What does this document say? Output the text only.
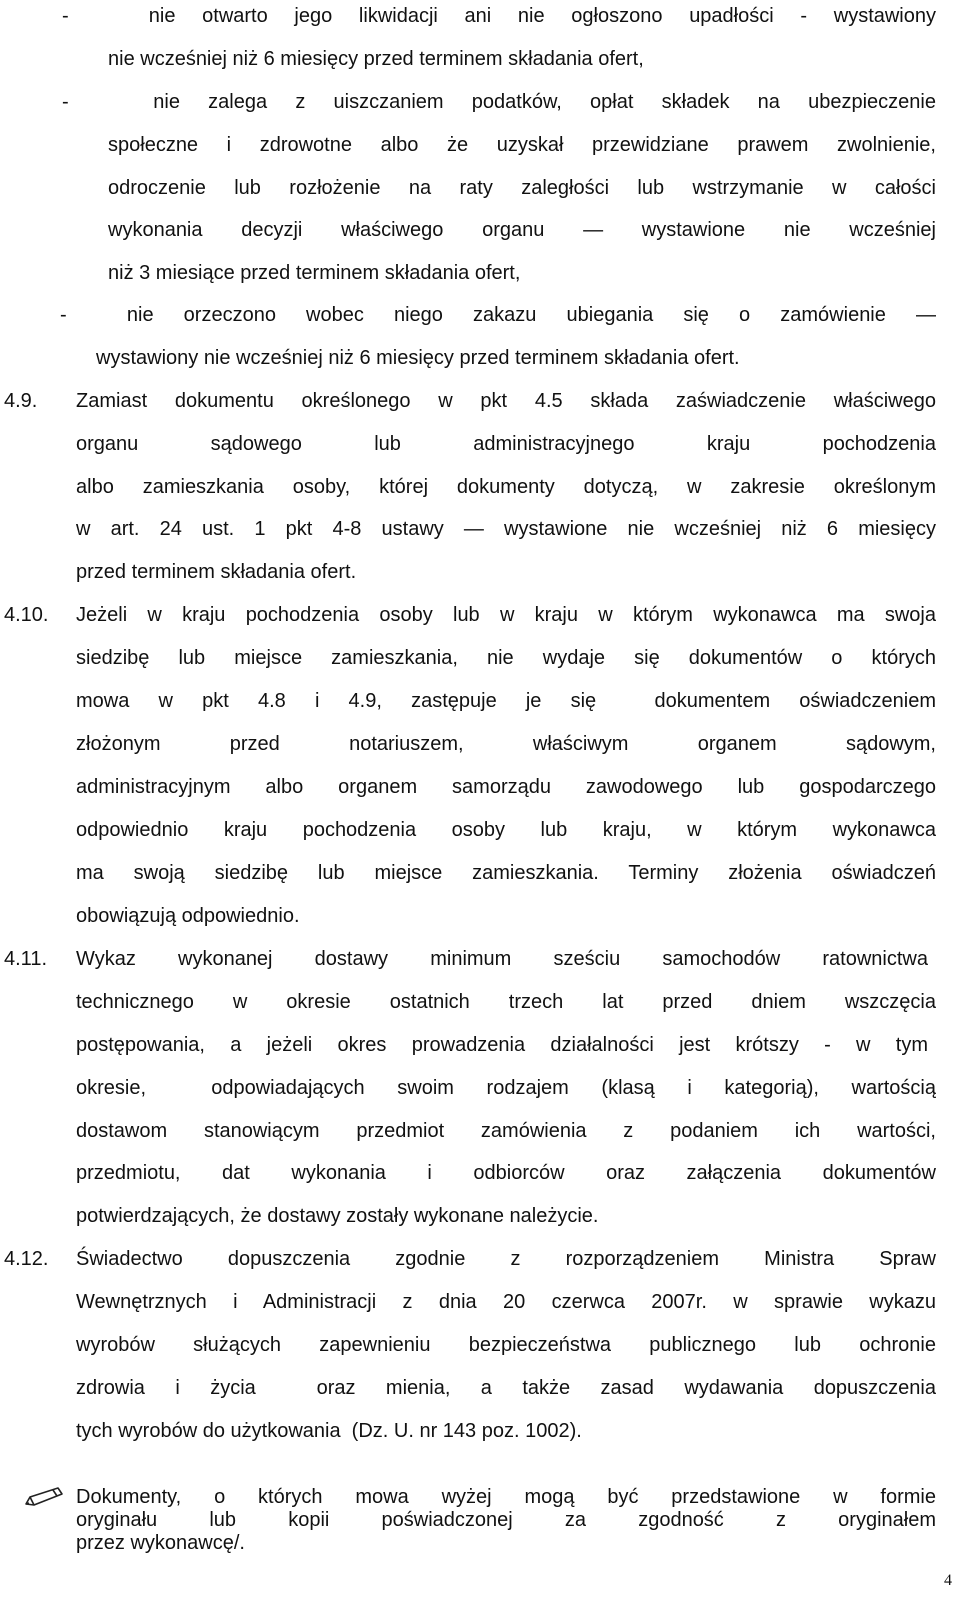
-   nie otwarto jego likwidacji ani nie ogłoszono upadłości - wystawiony
nie wcześniej niż 6 miesięcy przed terminem składania ofert,
-   nie zalega z uiszczaniem podatków, opłat składek na ubezpieczenie
społeczne i zdrowotne albo że uzyskał przewidziane prawem zwolnienie,
odroczenie lub rozłożenie na raty zaległości lub wstrzymanie w całości
wykonania decyzji właściwego organu — wystawione nie wcześniej
niż 3 miesiące przed terminem składania ofert,
-  nie orzeczono wobec niego zakazu ubiegania się o zamówienie —
wystawiony nie wcześniej niż 6 miesięcy przed terminem składania ofert.
4.9. Zamiast dokumentu określonego w pkt 4.5 składa zaświadczenie właściwego
organu sądowego lub administracyjnego kraju pochodzenia
albo zamieszkania osoby, której dokumenty dotyczą, w zakresie określonym
w art. 24 ust. 1 pkt 4-8 ustawy — wystawione nie wcześniej niż 6 miesięcy
przed terminem składania ofert.
4.10. Jeżeli w kraju pochodzenia osoby lub w kraju w którym wykonawca ma swoja
siedzibę lub miejsce zamieszkania, nie wydaje się dokumentów o których
mowa w pkt 4.8 i 4.9, zastępuje je się  dokumentem oświadczeniem
złożonym przed notariuszem, właściwym organem sądowym,
administracyjnym albo organem samorządu zawodowego lub gospodarczego
odpowiednio kraju pochodzenia osoby lub kraju, w którym wykonawca
ma swoją siedzibę lub miejsce zamieszkania. Terminy złożenia oświadczeń
obowiązują odpowiednio.
4.11. Wykaz wykonanej dostawy minimum sześciu samochodów ratownictwa
technicznego w okresie ostatnich trzech lat przed dniem wszczęcia
postępowania, a jeżeli okres prowadzenia działalności jest krótszy - w tym
okresie,  odpowiadających swoim rodzajem (klasą i kategorią), wartością
dostawom stanowiącym przedmiot zamówienia z podaniem ich wartości,
przedmiotu, dat wykonania i odbiorców oraz załączenia dokumentów
potwierdzających, że dostawy zostały wykonane należycie.
4.12. Świadectwo dopuszczenia zgodnie z rozporządzeniem Ministra Spraw
Wewnętrznych i Administracji z dnia 20 czerwca 2007r. w sprawie wykazu
wyrobów służących zapewnieniu bezpieczeństwa publicznego lub ochronie
zdrowia i życia  oraz mienia, a także zasad wydawania dopuszczenia
tych wyrobów do użytkowania  (Dz. U. nr 143 poz. 1002).
Dokumenty, o których mowa wyżej mogą być przedstawione w formie
oryginału lub kopii poświadczonej za zgodność z oryginałem
przez wykonawcę/.
4
